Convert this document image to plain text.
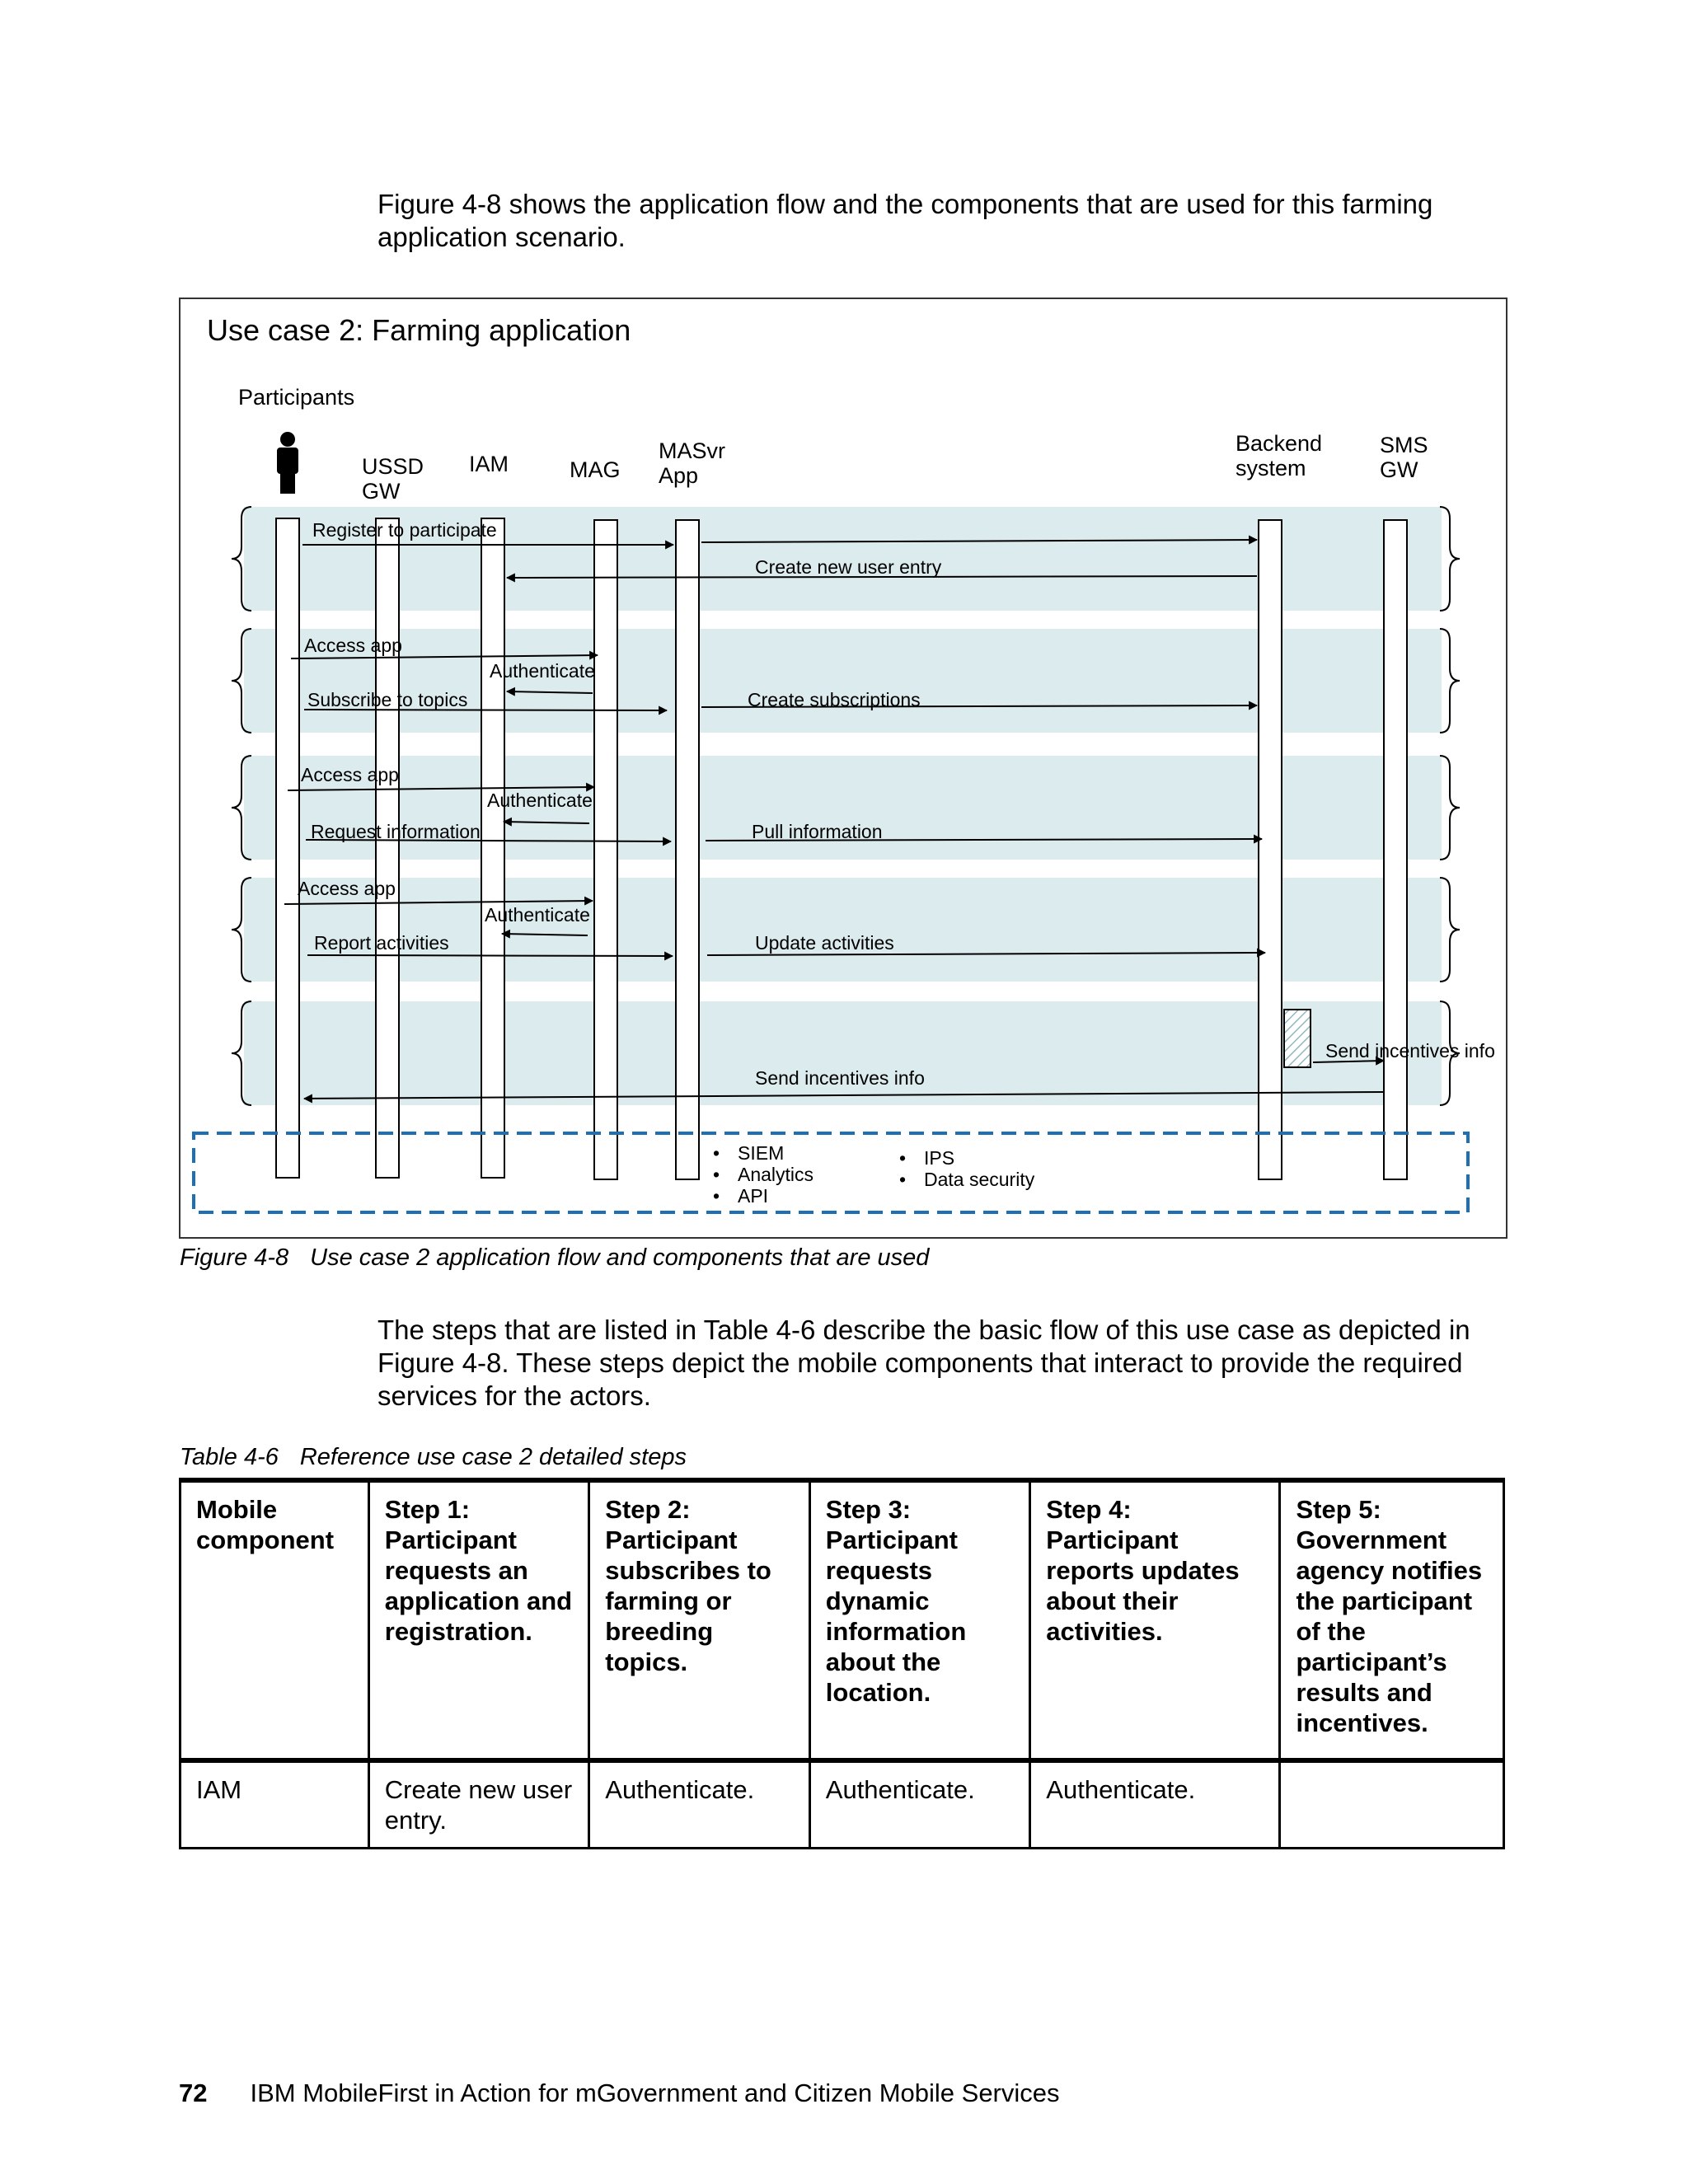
Figure 4-8 shows the application flow and the components that are used for this farming application scenario.

Use case 2: Farming application
Participants
USSD GW
IAM	MAG
MASvr App
Backend system
SMS GW
Register to participate
Create new user entry
Access app
Authenticate
Subscribe to topics	Create subscriptions
Access app
Authenticate
Request information	Pull information
Access app
Authenticate
Report activities	Update activities
Send incentives info
Send incentives info
• SIEM
• Analytics
• API
• IPS
• Data security
Figure 4-8 Use case 2 application flow and components that are used

The steps that are listed in Table 4-6 describe the basic flow of this use case as depicted in Figure 4-8. These steps depict the mobile components that interact to provide the required services for the actors.

Table 4-6 Reference use case 2 detailed steps
Mobile component	Step 1: Participant requests an application and registration.	Step 2: Participant subscribes to farming or breeding topics.	Step 3: Participant requests dynamic information about the location.	Step 4: Participant reports updates about their activities.	Step 5: Government agency notifies the participant of the participant’s results and incentives.
IAM	Create new user entry.	Authenticate.	Authenticate.	Authenticate.	
72 IBM MobileFirst in Action for mGovernment and Citizen Mobile Services
